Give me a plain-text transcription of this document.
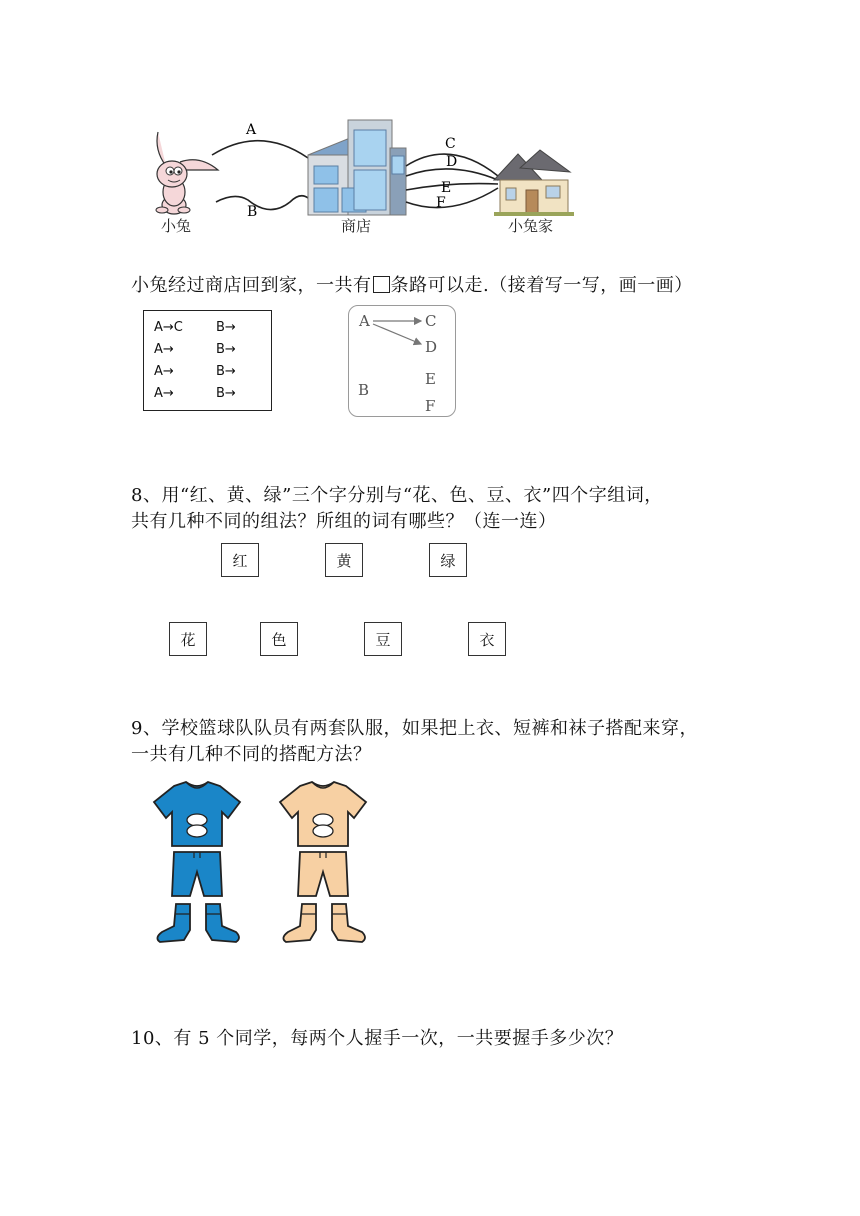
A
B
C
D
E
F
小兔	商店	小兔家
小兔经过商店回到家，一共有 条路可以走.（接着写一写，画一画）
A→C	B→
A→	B→
A→	B→
A→	B→
A	C
D
B
E
F
8、用“红、黄、绿”三个字分别与“花、色、豆、衣”四个字组词，
共有几种不同的组法？所组的词有哪些？（连一连）
红	黄	绿
花	色	豆	衣
9、学校篮球队队员有两套队服，如果把上衣、短裤和袜子搭配来穿，
一共有几种不同的搭配方法？
10、有 5 个同学，每两个人握手一次，一共要握手多少次？
